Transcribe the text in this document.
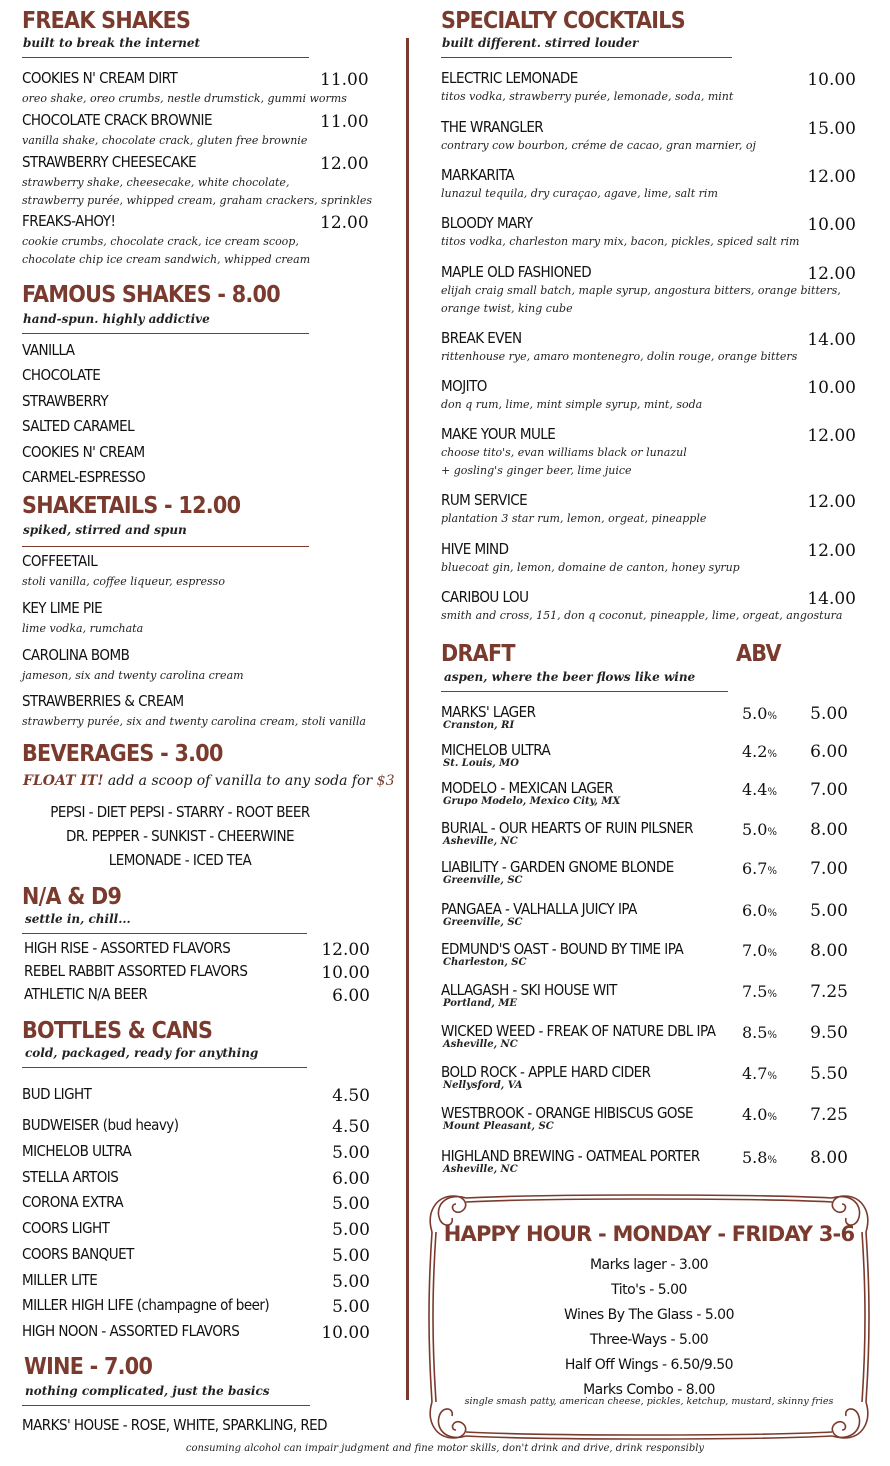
FREAK SHAKES
built to break the internet
COOKIES N' CREAM DIRT	11.00
oreo shake, oreo crumbs, nestle drumstick, gummi worms
CHOCOLATE CRACK BROWNIE	11.00
vanilla shake, chocolate crack, gluten free brownie
STRAWBERRY CHEESECAKE	12.00
strawberry shake, cheesecake, white chocolate,
strawberry purée, whipped cream, graham crackers, sprinkles
FREAKS-AHOY!	12.00
cookie crumbs, chocolate crack, ice cream scoop,
chocolate chip ice cream sandwich, whipped cream
FAMOUS SHAKES - 8.00
hand-spun. highly addictive
VANILLA
CHOCOLATE
STRAWBERRY
SALTED CARAMEL
COOKIES N' CREAM
CARMEL-ESPRESSO
SHAKETAILS - 12.00
spiked, stirred and spun
COFFEETAIL
stoli vanilla, coffee liqueur, espresso
KEY LIME PIE
lime vodka, rumchata
CAROLINA BOMB
jameson, six and twenty carolina cream
STRAWBERRIES & CREAM
strawberry purée, six and twenty carolina cream, stoli vanilla
BEVERAGES - 3.00
FLOAT IT! add a scoop of vanilla to any soda for $3
PEPSI - DIET PEPSI - STARRY - ROOT BEER
DR. PEPPER - SUNKIST - CHEERWINE
LEMONADE - ICED TEA
N/A & D9
settle in, chill...
HIGH RISE - ASSORTED FLAVORS	12.00
REBEL RABBIT ASSORTED FLAVORS	10.00
ATHLETIC N/A BEER	6.00
BOTTLES & CANS
cold, packaged, ready for anything
BUD LIGHT	4.50
BUDWEISER (bud heavy)	4.50
MICHELOB ULTRA	5.00
STELLA ARTOIS	6.00
CORONA EXTRA	5.00
COORS LIGHT	5.00
COORS BANQUET	5.00
MILLER LITE	5.00
MILLER HIGH LIFE (champagne of beer)	5.00
HIGH NOON - ASSORTED FLAVORS	10.00
WINE - 7.00
nothing complicated, just the basics
MARKS' HOUSE - ROSE, WHITE, SPARKLING, RED
SPECIALTY COCKTAILS
built different. stirred louder
ELECTRIC LEMONADE	10.00
titos vodka, strawberry purée, lemonade, soda, mint
THE WRANGLER	15.00
contrary cow bourbon, créme de cacao, gran marnier, oj
MARKARITA	12.00
lunazul tequila, dry curaçao, agave, lime, salt rim
BLOODY MARY	10.00
titos vodka, charleston mary mix, bacon, pickles, spiced salt rim
MAPLE OLD FASHIONED	12.00
elijah craig small batch, maple syrup, angostura bitters, orange bitters,
orange twist, king cube
BREAK EVEN	14.00
rittenhouse rye, amaro montenegro, dolin rouge, orange bitters
MOJITO	10.00
don q rum, lime, mint simple syrup, mint, soda
MAKE YOUR MULE	12.00
choose tito's, evan williams black or lunazul
+ gosling's ginger beer, lime juice
RUM SERVICE	12.00
plantation 3 star rum, lemon, orgeat, pineapple
HIVE MIND	12.00
bluecoat gin, lemon, domaine de canton, honey syrup
CARIBOU LOU	14.00
smith and cross, 151, don q coconut, pineapple, lime, orgeat, angostura
DRAFT	ABV
aspen, where the beer flows like wine
MARKS' LAGER
Cranston, RI
5.0%	5.00
MICHELOB ULTRA
St. Louis, MO
4.2%	6.00
MODELO - MEXICAN LAGER
Grupo Modelo, Mexico City, MX
4.4%	7.00
BURIAL - OUR HEARTS OF RUIN PILSNER
Asheville, NC
5.0%	8.00
LIABILITY - GARDEN GNOME BLONDE
Greenville, SC
6.7%	7.00
PANGAEA - VALHALLA JUICY IPA
Greenville, SC
6.0%	5.00
EDMUND'S OAST - BOUND BY TIME IPA
Charleston, SC
7.0%	8.00
ALLAGASH - SKI HOUSE WIT
Portland, ME
7.5%	7.25
WICKED WEED - FREAK OF NATURE DBL IPA
Asheville, NC
8.5%	9.50
BOLD ROCK - APPLE HARD CIDER
Nellysford, VA
4.7%	5.50
WESTBROOK - ORANGE HIBISCUS GOSE
Mount Pleasant, SC
4.0%	7.25
HIGHLAND BREWING - OATMEAL PORTER
Asheville, NC
5.8%	8.00
HAPPY HOUR - MONDAY - FRIDAY 3-6
Marks lager - 3.00
Tito's - 5.00
Wines By The Glass - 5.00
Three-Ways - 5.00
Half Off Wings - 6.50/9.50
Marks Combo - 8.00
single smash patty, american cheese, pickles, ketchup, mustard, skinny fries
consuming alcohol can impair judgment and fine motor skills, don't drink and drive, drink responsibly
